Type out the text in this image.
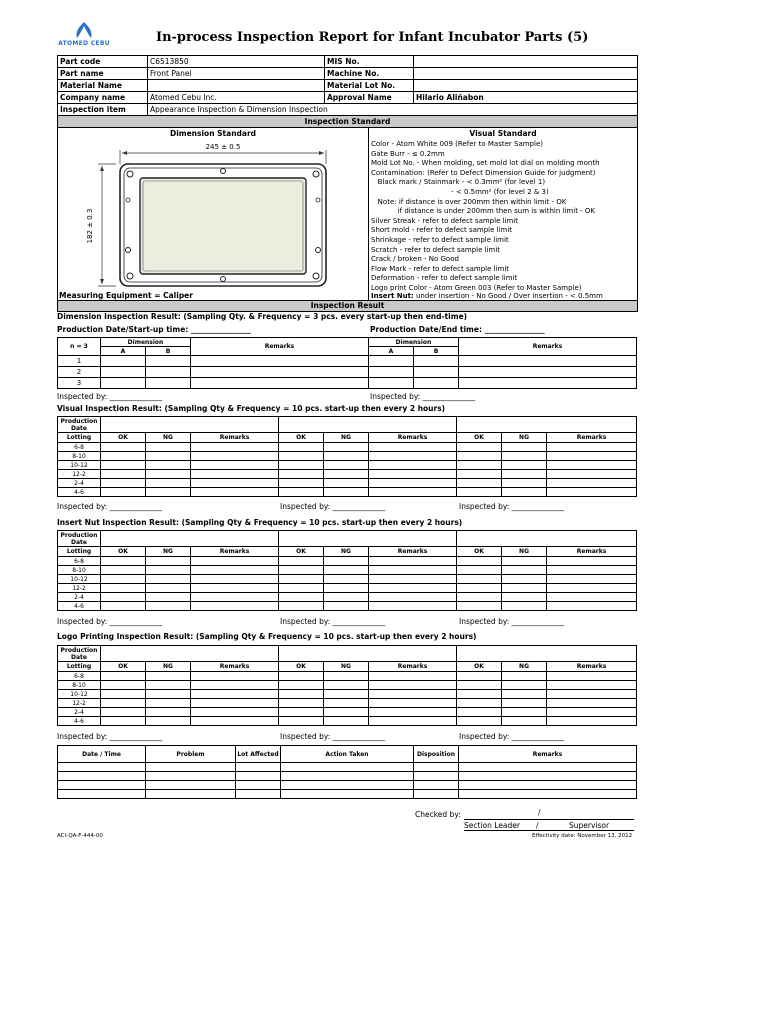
ATOMED CEBU	In-process Inspection Report for Infant Incubator Parts (5)
Part code	C6513850	MIS No.	
Part name	Front Panel	Machine No.	
Material Name		Material Lot No.	
Company name	Atomed Cebu Inc.	Approval Name	Hilario Aliñabon
Inspection item	Appearance Inspection & Dimension Inspection		
Inspection Standard
Dimension Standard	Visual Standard
245 ± 0.5
182 ± 0.3
Color - Atom White 009 (Refer to Master Sample)
Gate Burr - ≤ 0.2mm
Mold Lot No. - When molding, set mold lot dial on molding month
Contamination: (Refer to Defect Dimension Guide for judgment)
Black mark / Stainmark - < 0.3mm² (for level 1)
- < 0.5mm² (for level 2 & 3)
Note: if distance is over 200mm then within limit - OK
if distance is under 200mm then sum is within limit - OK
Silver Streak - refer to defect sample limit
Short mold - refer to defect sample limit
Shrinkage - refer to defect sample limit
Scratch - refer to defect sample limit
Crack / broken - No Good
Flow Mark - refer to defect sample limit
Deformation - refer to defect sample limit
Logo print Color - Atom Green 003 (Refer to Master Sample)
Measuring Equipment = Caliper	Insert Nut: under insertion - No Good / Over insertion - < 0.5mm
Inspection Result
Dimension Inspection Result: (Sampling Qty. & Frequency = 3 pcs. every start-up then end-time)
Production Date/Start-up time: ________________	Production Date/End time: ________________
n = 3	Dimension		Remarks	Dimension		Remarks
	A	B		A	B	
1						
2						
3						
Inspected by: ______________	Inspected by: ______________
Visual Inspection Result: (Sampling Qty & Frequency = 10 pcs. start-up then every 2 hours)
Production Date									
Lotting	OK	NG	Remarks	OK	NG	Remarks	OK	NG	Remarks
6-8									
8-10									
10-12									
12-2									
2-4									
4-6									
Inspected by: ______________	Inspected by: ______________	Inspected by: ______________
Insert Nut Inspection Result: (Sampling Qty & Frequency = 10 pcs. start-up then every 2 hours)
Production Date									
Lotting	OK	NG	Remarks	OK	NG	Remarks	OK	NG	Remarks
6-8									
8-10									
10-12									
12-2									
2-4									
4-6									
Inspected by: ______________	Inspected by: ______________	Inspected by: ______________
Logo Printing Inspection Result: (Sampling Qty & Frequency = 10 pcs. start-up then every 2 hours)
Production Date									
Lotting	OK	NG	Remarks	OK	NG	Remarks	OK	NG	Remarks
6-8									
8-10									
10-12									
12-2									
2-4									
4-6									
Inspected by: ______________	Inspected by: ______________	Inspected by: ______________
Date / Time	Problem	Lot Affected	Action Taken	Disposition	Remarks

Checked by:	/
Section Leader /	Supervisor
ACI-QA-F-444-00	Effectivity date: November 13, 2012
